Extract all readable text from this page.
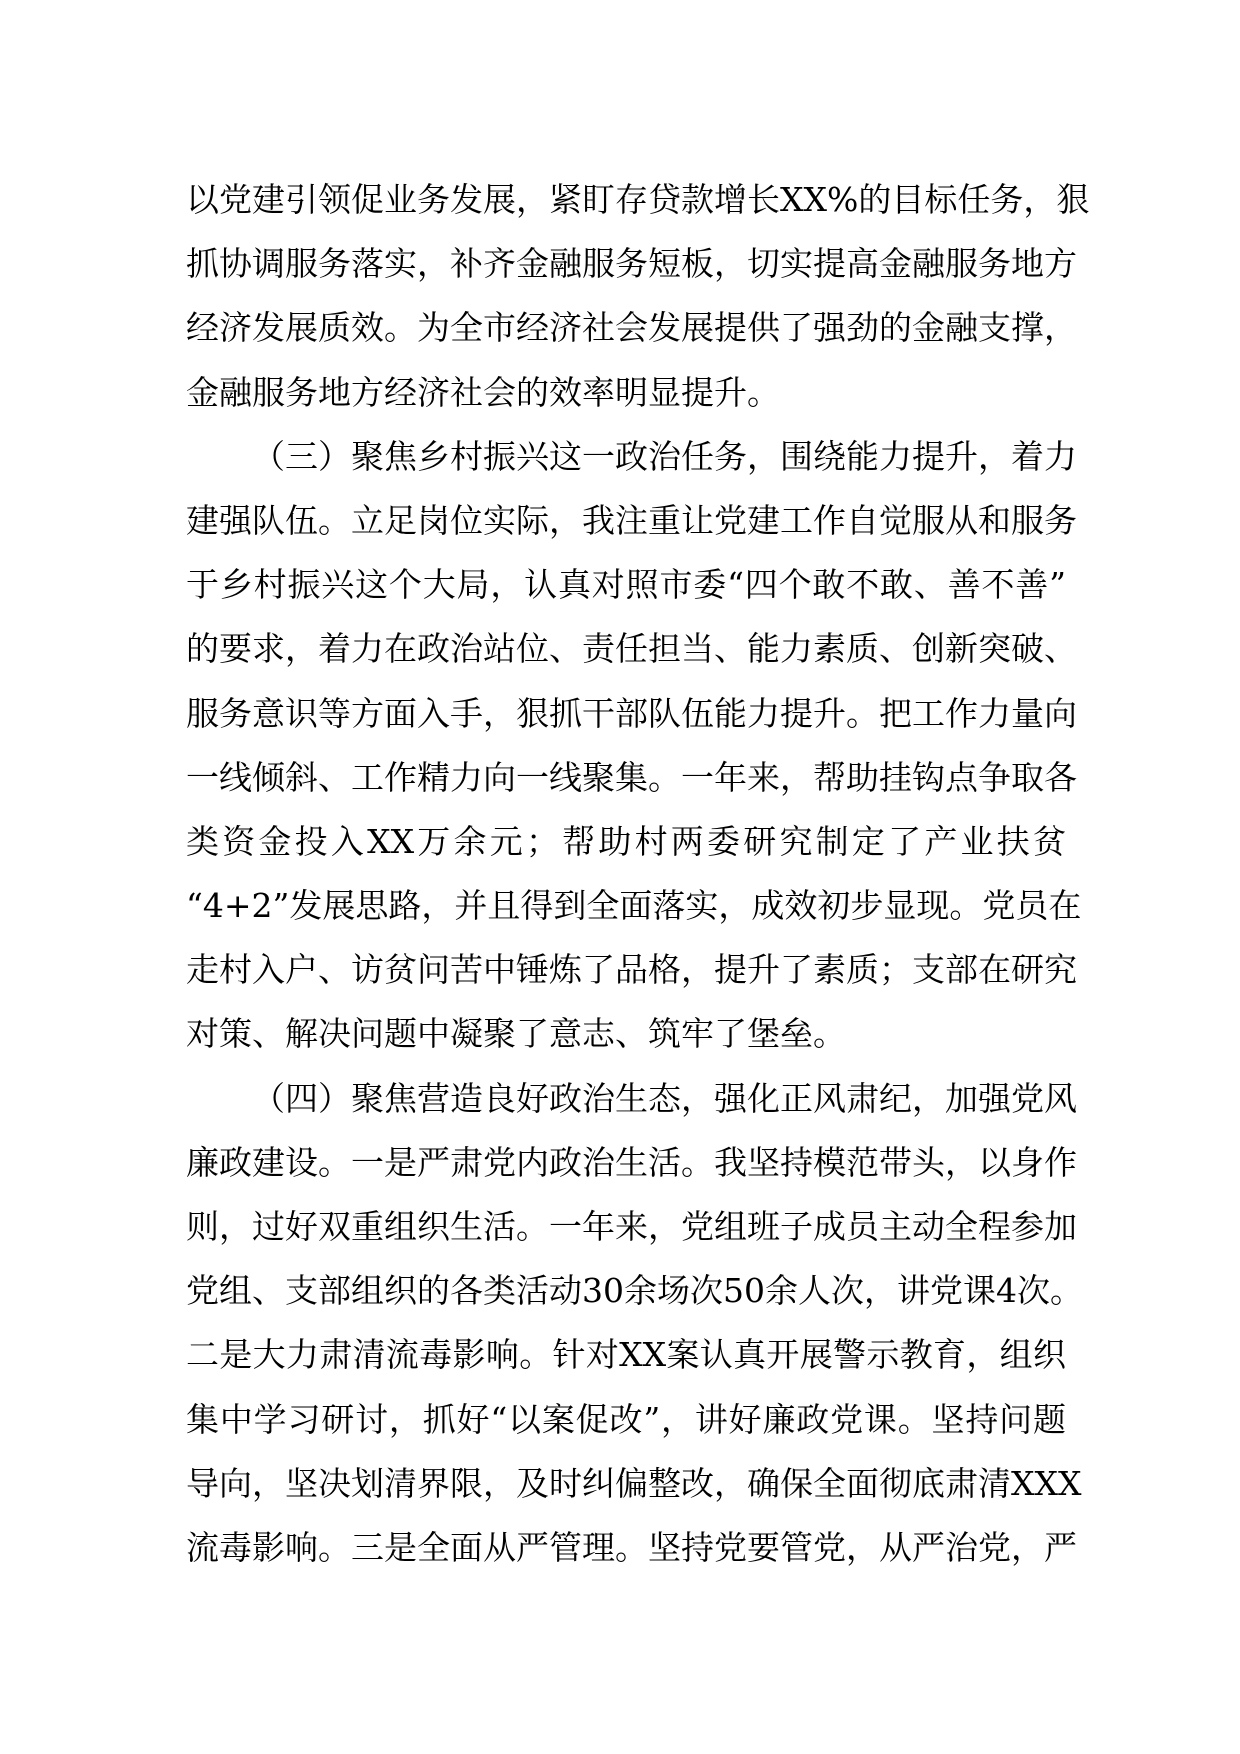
以党建引领促业务发展，紧盯存贷款增长XX%的目标任务，狠
抓协调服务落实，补齐金融服务短板，切实提高金融服务地方
经济发展质效。为全市经济社会发展提供了强劲的金融支撑，
金融服务地方经济社会的效率明显提升。
（三）聚焦乡村振兴这一政治任务，围绕能力提升，着力
建强队伍。立足岗位实际，我注重让党建工作自觉服从和服务
于乡村振兴这个大局，认真对照市委“四个敢不敢、善不善”
的要求，着力在政治站位、责任担当、能力素质、创新突破、
服务意识等方面入手，狠抓干部队伍能力提升。把工作力量向
一线倾斜、工作精力向一线聚集。一年来，帮助挂钩点争取各
类资金投入XX万余元；帮助村两委研究制定了产业扶贫
“4+2”发展思路，并且得到全面落实，成效初步显现。党员在
走村入户、访贫问苦中锤炼了品格，提升了素质；支部在研究
对策、解决问题中凝聚了意志、筑牢了堡垒。
（四）聚焦营造良好政治生态，强化正风肃纪，加强党风
廉政建设。一是严肃党内政治生活。我坚持模范带头，以身作
则，过好双重组织生活。一年来，党组班子成员主动全程参加
党组、支部组织的各类活动30余场次50余人次，讲党课4次。
二是大力肃清流毒影响。针对XX案认真开展警示教育，组织
集中学习研讨，抓好“以案促改”，讲好廉政党课。坚持问题
导向，坚决划清界限，及时纠偏整改，确保全面彻底肃清XXX
流毒影响。三是全面从严管理。坚持党要管党，从严治党，严
